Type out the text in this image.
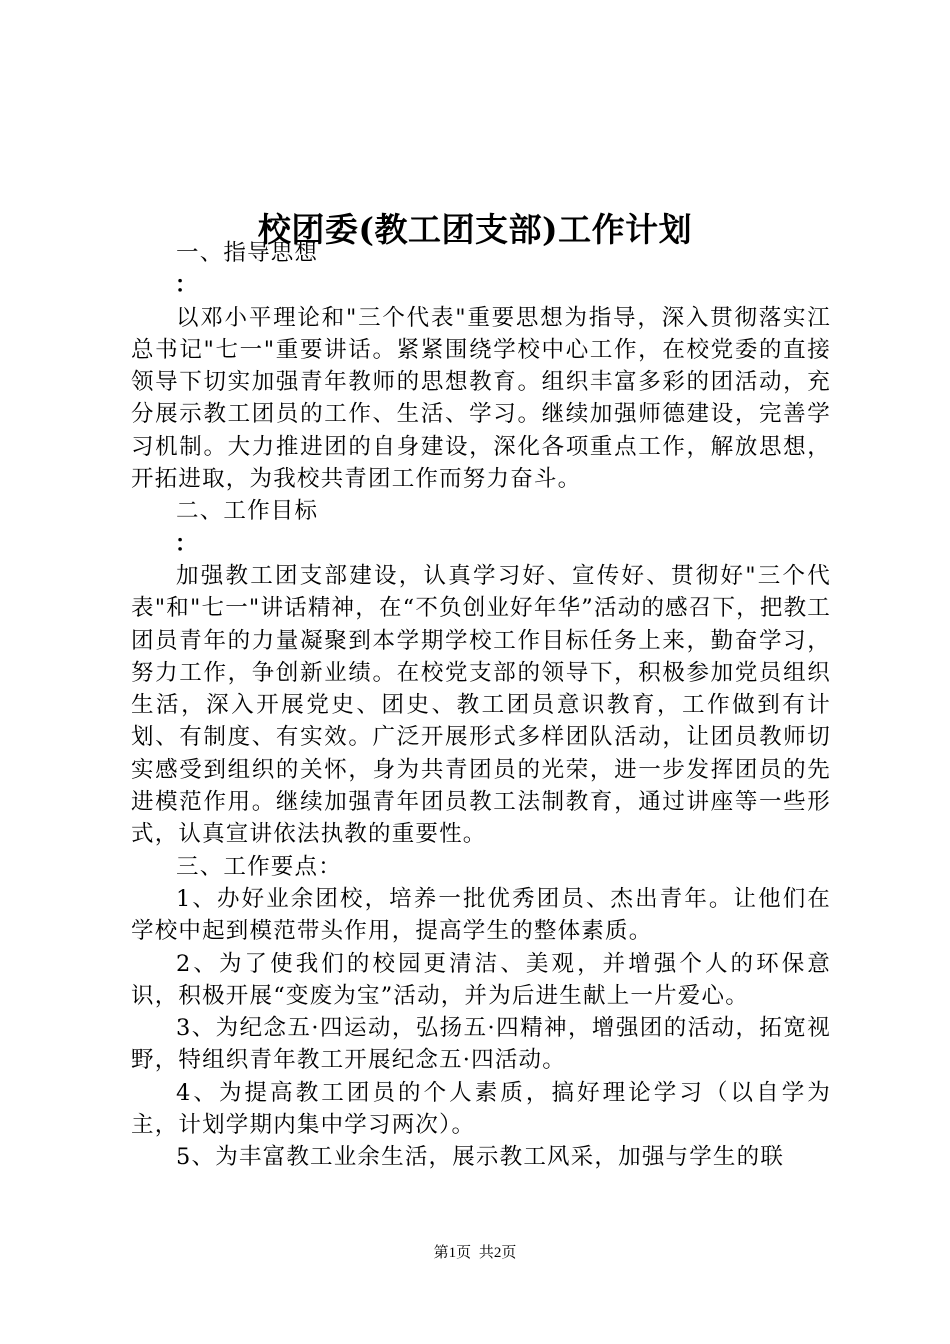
校团委(教工团支部)工作计划

一、指导思想

：

以邓小平理论和"三个代表"重要思想为指导，深入贯彻落实江总书记"七一"重要讲话。紧紧围绕学校中心工作，在校党委的直接领导下切实加强青年教师的思想教育。组织丰富多彩的团活动，充分展示教工团员的工作、生活、学习。继续加强师德建设，完善学习机制。大力推进团的自身建设，深化各项重点工作，解放思想，开拓进取，为我校共青团工作而努力奋斗。

二、工作目标

：

加强教工团支部建设，认真学习好、宣传好、贯彻好"三个代表"和"七一"讲话精神，在“不负创业好年华”活动的感召下，把教工团员青年的力量凝聚到本学期学校工作目标任务上来，勤奋学习，努力工作，争创新业绩。在校党支部的领导下，积极参加党员组织生活，深入开展党史、团史、教工团员意识教育，工作做到有计划、有制度、有实效。广泛开展形式多样团队活动，让团员教师切实感受到组织的关怀，身为共青团员的光荣，进一步发挥团员的先进模范作用。继续加强青年团员教工法制教育，通过讲座等一些形式，认真宣讲依法执教的重要性。

三、工作要点：

1、办好业余团校，培养一批优秀团员、杰出青年。让他们在学校中起到模范带头作用，提高学生的整体素质。

2、为了使我们的校园更清洁、美观，并增强个人的环保意识，积极开展“变废为宝”活动，并为后进生献上一片爱心。

3、为纪念五·四运动，弘扬五·四精神，增强团的活动，拓宽视野，特组织青年教工开展纪念五·四活动。

4、为提高教工团员的个人素质，搞好理论学习（以自学为主，计划学期内集中学习两次）。

5、为丰富教工业余生活，展示教工风采，加强与学生的联

第1页 共2页
